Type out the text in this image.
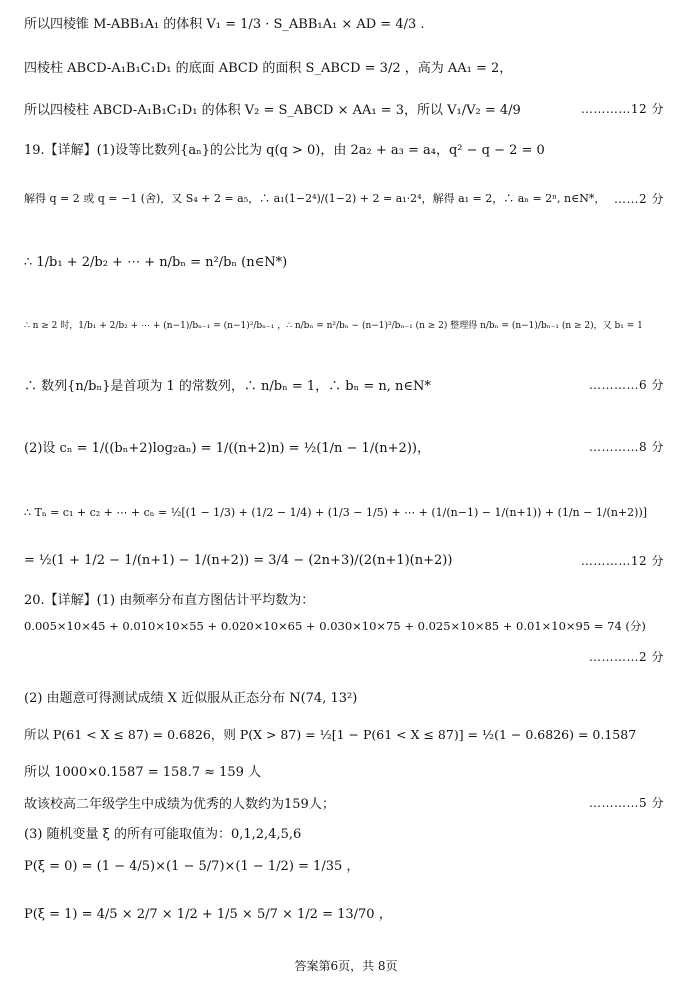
所以四棱锥 M-ABB₁A₁ 的体积 V₁ = 1/3 · S_ABB₁A₁ × AD = 4/3 .
四棱柱 ABCD-A₁B₁C₁D₁ 的底面 ABCD 的面积 S_ABCD = 3/2 ，高为 AA₁ = 2，
所以四棱柱 ABCD-A₁B₁C₁D₁ 的体积 V₂ = S_ABCD × AA₁ = 3，所以 V₁/V₂ = 4/9	…………12 分
19.【详解】(1)设等比数列{aₙ}的公比为 q(q > 0)，由 2a₂ + a₃ = a₄，q² − q − 2 = 0
解得 q = 2 或 q = −1 (舍)，又 S₄ + 2 = a₅，∴ a₁(1−2⁴)/(1−2) + 2 = a₁·2⁴，解得 a₁ = 2，∴ aₙ = 2ⁿ, n∈N*， ……2 分
∴ 1/b₁ + 2/b₂ + ⋯ + n/bₙ = n²/bₙ (n∈N*)
∴ n ≥ 2 时，1/b₁ + 2/b₂ + ⋯ + (n−1)/bₙ₋₁ = (n−1)²/bₙ₋₁ ，∴ n/bₙ = n²/bₙ − (n−1)²/bₙ₋₁ (n ≥ 2) 整理得 n/bₙ = (n−1)/bₙ₋₁ (n ≥ 2)，又 b₁ = 1
∴ 数列{n/bₙ}是首项为 1 的常数列，∴ n/bₙ = 1，∴ bₙ = n, n∈N*	…………6 分
(2)设 cₙ = 1/((bₙ+2)log₂aₙ) = 1/((n+2)n) = ½(1/n − 1/(n+2))，	…………8 分
∴ Tₙ = c₁ + c₂ + ⋯ + cₙ = ½[(1 − 1/3) + (1/2 − 1/4) + (1/3 − 1/5) + ⋯ + (1/(n−1) − 1/(n+1)) + (1/n − 1/(n+2))]
= ½(1 + 1/2 − 1/(n+1) − 1/(n+2)) = 3/4 − (2n+3)/(2(n+1)(n+2))	…………12 分
20.【详解】(1) 由频率分布直方图估计平均数为：
0.005×10×45 + 0.010×10×55 + 0.020×10×65 + 0.030×10×75 + 0.025×10×85 + 0.01×10×95 = 74 (分)
…………2 分
(2) 由题意可得测试成绩 X 近似服从正态分布 N(74, 13²)
所以 P(61 < X ≤ 87) = 0.6826，则 P(X > 87) = ½[1 − P(61 < X ≤ 87)] = ½(1 − 0.6826) = 0.1587
所以 1000×0.1587 = 158.7 ≈ 159 人
故该校高二年级学生中成绩为优秀的人数约为159人；	…………5 分
(3) 随机变量 ξ 的所有可能取值为：0,1,2,4,5,6
P(ξ = 0) = (1 − 4/5)×(1 − 5/7)×(1 − 1/2) = 1/35 ，
P(ξ = 1) = 4/5 × 2/7 × 1/2 + 1/5 × 5/7 × 1/2 = 13/70 ，
答案第6页，共 8页
